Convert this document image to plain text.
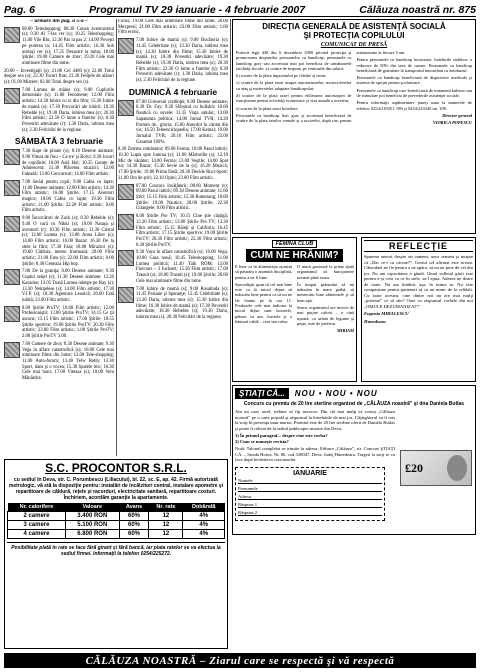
Pag. 6	Programul TV 29 ianuarie - 4 februarie 2007	Călăuza noastră nr. 875
– urmare din pag. a 5-a –
08.00 Teleshopping; 08.30 Conan aventurierul (s); 9.30 Al 7-lea cer (s); 10.25 Teleshopping; 11.00 Vile Blu; 12.30 Pas la pas 2; 14.00 Poveşti pe puterea ta; 14.45 Film artistic; 16.30 Sub acelaşi cer (s); 17.25 Dezastre la tuma; 18.00 Ştirile; 19.00 Camere de zbor; 19.20 Cele mai uimitoare filme din lume.
20.00 – Investigaţii (s); 21.00 Cel 4400 (s); 22.00 Totul despre sex (s); 22.30 Tocuri fine; 23.30 Fetiţele de alături (s); 01.00 Mistere; 02.00 Totul despre sex (s).
7.00 Lumea de mâine (s); 9.00 Cuplurile demoniale (s); 11.00 Fenomene; 12.00 Film artistic; 14.30 Iubire cu iz din film; 15.30 Iubire de mamă (s); 17.30 Provocări ale iubirii; 18.30 Rebelde (s); 19.30 Daria, iubirea mea (s); 20.30 Film artistic; 22.50 O lume a fiarelor (s); 0.30 Povestiri adevărate (r); 1.30 Daria, iubirea mea (s); 2.30 Felicitări de la regiune.
SÂMBĂTĂ 3 februarie
7.30 Kapt de ploaie (s); 8.10 Desene animate; 9.00 Viteza de fluu – Ce tre' şi Bolyi; 9.30 Jocuri de copilărie; 10.00 Asiă Hol; 10.35 Gotuţe de Adolescent; 11.30 Plăcerea muzicii; 12.00 Faleadă; 13.00 Concursuri; 14.00 Film artistic.
7.00 Serial pentru copii; 9.00 Cafea cu lapte; 11.00 Desene animate; 12.00 Film artistic; 14.30 Film artistic; 16.00 Ştirile; 17.15 Aventuri magice; 18.00 Cafea cu lapte; 19.30 Film artistic; 21.00 Ştirile; 22.20 Film artistic; 0.00 Film artistic.
9.00 Încurcături de Zack (s); 8.30 Rebelde (s); 9.40 O vară cu Nikki (s); 10.00 Nataşa şi aventurii (r); 10.30 Film artistic; 11.30 Cristal (s); 12.00 Lumea (s); 13.00 Anna Liber (s); 14.00 Film artistic; 16.00 Bazar; 16.30 De la stele la film; 17.30 Fata; 18.00 Mirazior (s); 19.00 Căldura, mereu frumoasă; 20.00 Film artistic; 21.00 Fata (s); 22.00 Film artistic; 0.00 Ştirile; 0.40 Geneaza Hip hop.
7.00 De la graniţa; 8.00 Desene animate; 9.30 Cuplul zeiţei (s); 11.30 Desene animate; 12.20 Karaoke; 13.05 Toată Lumea iubeşte pe Ray (s); 13.30 Neinţelese (s); 14.00 Film artistic; 17.30 V.I.P. (s); 18.30 Agentura Leoaică; 20.00 Fată iubită; 23.00 Film artistic.
8.00 Ştirile ProTV; 10.00 Film artistic; 12.00 Profesioniştii; 13.00 Ştirile ProTV; 14.15 Ce ţii ascuns; 15.15 Film artistic; 17.00 Ştirile; 18.55 Ştirile sportive; 19.00 Ştirile ProTV; 20.30 Film artistic; 23.00 Film artistic; 1.00 Ştirile ProTV; 2.00 Ştirile ProTV 3.00.
7.00 Camere de zbor; 8.30 Desene animate; 9.30 Vega în aflare catastrofică (s); 10.00 Cele mai uimitoare filme din lume; 12.00 Tele-shopping; 11.00 Auto-forum; 13.40 Telw Rehb; 13.30 Sport, dans şi o vocea; 15.30 Spatele mic; 16.30 Cele mai buni; 17.00 Viteaza (s); 18.00 Veni Mănăstire.
Focus; 19.00 Cele mai uimitoare filme din lume; 20.00 Mexpresi; 21.00 Film artistic; 23.00 Film artistic; 1.00 Film erotic.
7.00 Iubire de mamă (s); 9.00 Bocătoria (s); 11.45 Celebritate (s); 13.30 Daria, iubirea mea (s); 14.30 Iubire din filme; 15.30 Iubire de mamă (s); 18.30 Povestiri adevărate; 19.30 Rebelde (s); 19.30 Daria, iubirea mea (s); 20.30 Film artistic; 22.30 O lume a fiarelor (s); 0.30 Povestiri adevărate (r); 1.30 Daria, iubirea mea (s); 2.30 Felicitări de la regiune.
DUMINICĂ 4 februarie
07.00 Universul credinţei; 8.00 Desene animate; 8.30 Dr. Fay; 9.30 Sfârşitul cu bullshit; 10.00 Nautică cu suvele; 11.35 Viaţa satului; 13.00 Sapatamia politica; 14.00 Jurnal TVR; 14.20 Portum de.. gloria; 15.00 Anecdot în cântat din vis; 16.50 Teleenciclopedia; 17.00 Kemal; 19.00 Jurnalul TVR; 20.10 Film artistic; 23.00 Garantat 100%.
8.30 Zestrea românelor; 09.00 Ferma; 10.00 Pasul iubirii; 10.30 Lupta spre lumina (s); 11.00 Mărturiile (s); 12.10 Mic de vânător; 14.00 Ferma; 13.00 Veştile; 14.00 Spat tur; 14.30 Bazar; 15.30 Sevie de la (s); 16.20 Muzică; 17.00 Ştirile; 19.00 Prima Dată; 20.30 Devide Ruci-Sport; 21.00 Ora de ştiri; 22.10 Opini; 23.00 Film artistic.
07.00 Concurs învăţăturii; 08.00 Moment (s); 09.00 Pasul iubirii; 09.30 Desene animate; 11.00 Ştiri; 15.15 Film artistic; 15.30 Bumerang; 18.00 Ştirile; 19.00 Nautica; 20.00 Ştirile; 22.30 Uitangele; 0.00 Film artistic.
8.00 Ştirile Pro TV; 10.15 Cine ştie câştigă; 12.20 Film artistic; 13.00 Ştirile Pro TV; 13.30 Film artistic; 15.15 Băieţi şi Califoria; 16.45 Film artistic; 17.15 Ştirile sportive; 19.00 Ştirile ProTV; 20.30 Film artistic; 22.30 Film artistic; 0.30 Ştirile ProTV.
9.30 Vaya în aflare catastrofică (s); 10.00 Vega; 10.00 Casa nouă; 10.45 Teleshopping; 11.00 Lumea politică; 11.40 Talk ROM; 13.00 Flavours – 3 Iucluert; 15.30 Film artistic; 17.00 Trasnit (s); 18.00 Trasnit (s); 19.00 Ştirile; 20.00 Cele mai uimitoare filme din lume.
7.00 Iubire de mamă (s); 9.00 Rosalinda (s); 11.45 Paisane şi Speranţe; 12.45 Celebritate (s); 13.30 Daria, iubirea mea (s); 15.30 Iubire din filme; 16.30 Iubire de mamă (s); 17.30 Povestiri adevărate; 18.30 Rebelde (s); 19.30 Daria, iubirea mea (s); 20.30 Felicitări de la regiune.
DIRECŢIA GENERALĂ DE ASISTENŢĂ SOCIALĂ
ŞI PROTECŢIA COPILULUI
COMUNICAT DE PRESĂ

Potrivit legii 448 din 6 decembrie 2006 privind protecţia şi promovarea drepturilor persoanelor cu handicap, persoanele cu handicap grav sau accentuat mai pot beneficia de următoarele facilităţi fiscale: a) scutire de impozit pe veniturile din salarii;

b) scutire de la plata impozitului pe clădire şi teren;

c) scutire de la plata taxei asupra autoturismelor, motocicletelor cu ataş şi motoretelor adaptate handicapului;

d) scutire de la plata taxei pentru eliberarea autorizaţiei de funcţionare pentru activităţi economice şi viza anuală a acesteia;

e) scutire de la plata taxei hoteliere.

Persoanele cu handicap fizic grav şi accentuat beneficiază de scutire de la plata taxelor vamale şi a accizelor, după caz, pentru autoturisme la fiecare 5 ani.

Pentru persoanele cu handicap locomotor, hotelurile stabilesc o reducere de 50% din taxa de cazare. Persoanele cu handicap beneficiază de gratuitate la transportul interurban cu autobuzul.

Persoanele cu handicap beneficiază de dispozitive medicale şi sisteme de sprijin pentru şcolarizare.

Persoanele cu handicap care beneficiază de tratament balnear sau de stimulare pot beneficia de prevederile asistenţei sociale.

Pentru informaţii suplimentare puteţi suna la numerele de telefon: 0254/219451, 983 şi 0254/233340 int. 108.

Director general

VIORICA POPESCU

FEMINA CLUB
CUM NE HRĂNIM?

E bine ca în alimentaţia noastră să păstrăm o anumită disciplină, pentru a ne fi bine.

Specialiştii spun că cel mai bine este ca la micul dejun să mâncăm bine pentru ca să nu ne fie foame pe la ora 11. Produsele cele mai indicate la micul dejun sunt lactatele, pâinea cu unt, fructele şi o băutură caldă – ceai sau cafea.

O masă gustoasă la prânz ajută organismul să funcţioneze normal până seara.

În timpul prânzului să nu mâncăm în mare grabă, să mestecăm bine alimentele şi să bem apă.

Seara, organismul are nevoie de mai puţine calorii – o cină uşoară, cu salată de legume şi peşte, este de preferat.

MIRIAM

REFLECŢIE
Spunem uneori despre un oameni, unor semeni şi noapte că „Dar ce-i cu căcine?”. Gestul cel afirmat este acesta. Câteodată ne fie pentru a ne apăra, să nu ne pese de cei din jur. Nu am capacitatea a gândi. Omul sufletul găsit este pentru a-şi crea cu ce în stele, sa-l ajuta. Adesea ne doare de toate. Nu am întâlnit, aşa, în inima ta. Nu este compasiune pentru parteneri să cu un nimic de la celălalt. Cu toate acestea, cine dintre noi nu are mai mulţi „prieteni” ce să stie? Oare cu răspunsul vorbele din noi „OMULE DEZUMANIZAT!”
Eugenia MIHALESCU
Hunedoara
ŞTIAŢI CĂ...	NOU • NOU • NOU
Concurs cu premiu de 20 lire sterline organizat de „CĂLĂUZA noastră” şi dna Daniela Butlas
Am un cazy awel, trebuie să fiţi norocos. Din cât mai mulţi să scrieţi „Călăuza noastră” pe o carte poştală şi răspunsul la întrebările de mai jos. Câştigătorul va fi tras la sorţi în prezenţa unui martor. Premiul este de 20 lire sterline oferit de Daniela Butlas şi poate fi ridicat de la sediul publicaţiei noastre din Deva.
1) În primul paragraf... despre cine este vorba?
2) Cum se numeşte revista?
Notă: Talonul completat se trimite la adresa: Editura „Călăuza”, str. Concurs ŞTIAŢI CĂ..., Strada Horea, Nr. 80, cod 330047, Deva, Judeţ Hunedoara. Trageri la sorţi se va face după încheierea concursului.
£20
IANUARIE
Numele
Prenumele
Adresa
Răspuns 1
Răspuns 2
S.C. PROCONTOR S.R.L.
cu sediul în Deva, str. C. Porumbescu (Liliacului), bl. 22, sc. E, ap. 42. Firmă autorizată metrologic, vă stă la dispoziţie pentru: instalări de încălzitori central, instalare apometre şi repartitoare de căldură, reţele şi racorduri, electricitate sanitară, repartitoare costuri. Închiriem, acordăm garanţie la apartamente.
Nr. calorifere	Valoare	Avans	Nr. rate	Dobândă
2 camere	3.400 RON	60%	12	4%
3 camere	5.100 RON	60%	12	4%
4 camere	6.800 RON	60%	12	4%
Posibilitate plată în rate se face fără girant şi fără bancă, iar plata ratelor se va efectua la sediul firmei. Informaţii la telefon 0254/225272.
CĂLĂUZA NOASTRĂ – Ziarul care se respectă şi vă respectă
